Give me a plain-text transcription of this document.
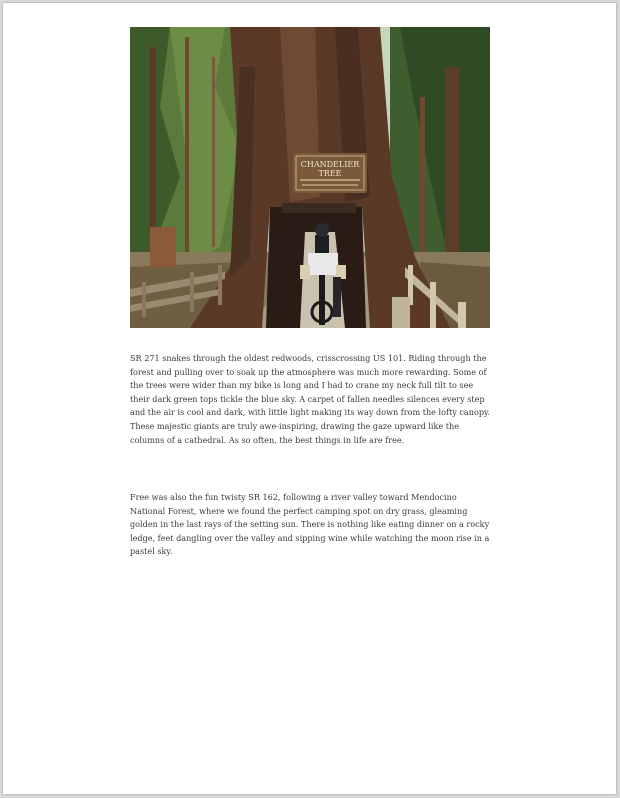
CHANDELIER
TREE

SR 271 snakes through the oldest redwoods, crisscrossing US 101. Riding through the forest and pulling over to soak up the atmosphere was much more rewarding. Some of the trees were wider than my bike is long and I had to crane my neck full tilt to see their dark green tops tickle the blue sky. A carpet of fallen needles silences every step and the air is cool and dark, with little light making its way down from the lofty canopy. These majestic giants are truly awe-inspiring, drawing the gaze upward like the columns of a cathedral. As so often, the best things in life are free.

Free was also the fun twisty SR 162, following a river valley toward Mendocino National Forest, where we found the perfect camping spot on dry grass, gleaming golden in the last rays of the setting sun. There is nothing like eating dinner on a rocky ledge, feet dangling over the valley and sipping wine while watching the moon rise in a pastel sky.
